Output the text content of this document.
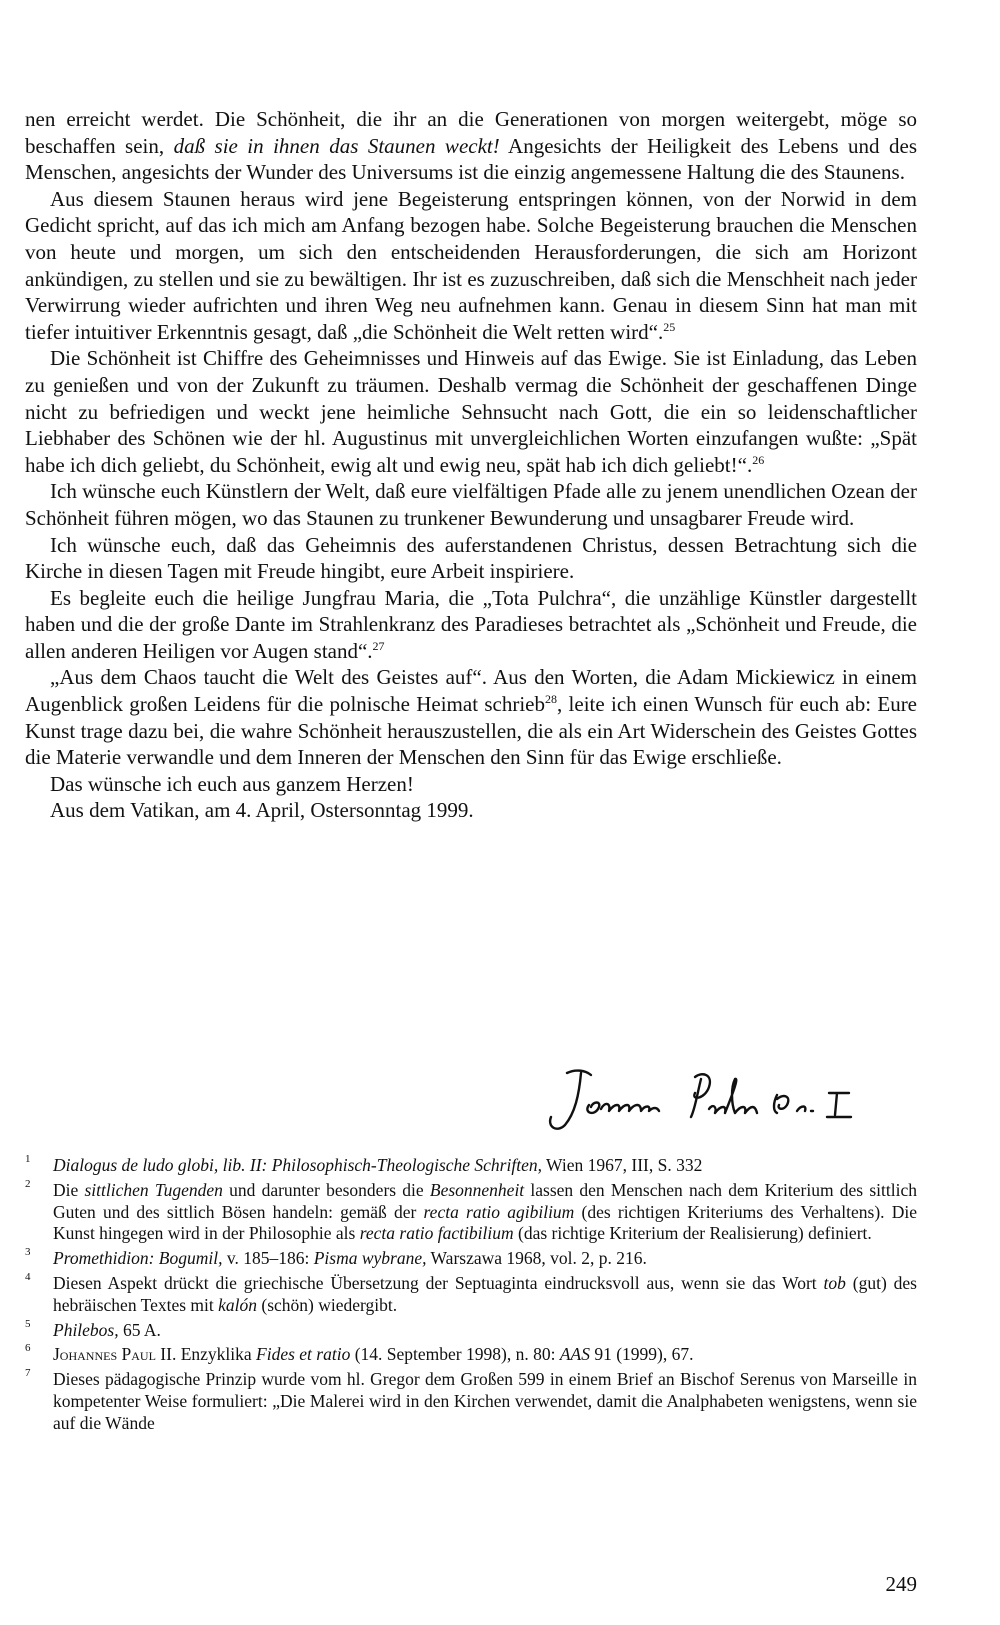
nen erreicht werdet. Die Schönheit, die ihr an die Generationen von morgen weitergebt, möge so beschaffen sein, daß sie in ihnen das Staunen weckt! Angesichts der Heiligkeit des Lebens und des Menschen, angesichts der Wunder des Universums ist die einzig angemessene Haltung die des Staunens.

Aus diesem Staunen heraus wird jene Begeisterung entspringen können, von der Norwid in dem Gedicht spricht, auf das ich mich am Anfang bezogen habe. Solche Begeisterung brauchen die Menschen von heute und morgen, um sich den entscheidenden Herausforderungen, die sich am Horizont ankündigen, zu stellen und sie zu bewältigen. Ihr ist es zuzuschreiben, daß sich die Menschheit nach jeder Verwirrung wieder aufrichten und ihren Weg neu aufnehmen kann. Genau in diesem Sinn hat man mit tiefer intuitiver Erkenntnis gesagt, daß „die Schönheit die Welt retten wird“.$^{25}$

Die Schönheit ist Chiffre des Geheimnisses und Hinweis auf das Ewige. Sie ist Einladung, das Leben zu genießen und von der Zukunft zu träumen. Deshalb vermag die Schönheit der geschaffenen Dinge nicht zu befriedigen und weckt jene heimliche Sehnsucht nach Gott, die ein so leidenschaftlicher Liebhaber des Schönen wie der hl. Augustinus mit unvergleichlichen Worten einzufangen wußte: „Spät habe ich dich geliebt, du Schönheit, ewig alt und ewig neu, spät hab ich dich geliebt!“.$^{26}$

Ich wünsche euch Künstlern der Welt, daß eure vielfältigen Pfade alle zu jenem unendlichen Ozean der Schönheit führen mögen, wo das Staunen zu trunkener Bewunderung und unsagbarer Freude wird.

Ich wünsche euch, daß das Geheimnis des auferstandenen Christus, dessen Betrachtung sich die Kirche in diesen Tagen mit Freude hingibt, eure Arbeit inspiriere.

Es begleite euch die heilige Jungfrau Maria, die „Tota Pulchra“, die unzählige Künstler dargestellt haben und die der große Dante im Strahlenkranz des Paradieses betrachtet als „Schönheit und Freude, die allen anderen Heiligen vor Augen stand“.$^{27}$

„Aus dem Chaos taucht die Welt des Geistes auf“. Aus den Worten, die Adam Mickiewicz in einem Augenblick großen Leidens für die polnische Heimat schrieb$^{28}$, leite ich einen Wunsch für euch ab: Eure Kunst trage dazu bei, die wahre Schönheit herauszustellen, die als ein Art Widerschein des Geistes Gottes die Materie verwandle und dem Inneren der Menschen den Sinn für das Ewige erschließe.

Das wünsche ich euch aus ganzem Herzen!

Aus dem Vatikan, am 4. April, Ostersonntag 1999.

1 Dialogus de ludo globi, lib. II: Philosophisch-Theologische Schriften, Wien 1967, III, S. 332

2 Die sittlichen Tugenden und darunter besonders die Besonnenheit lassen den Menschen nach dem Kriterium des sittlich Guten und des sittlich Bösen handeln: gemäß der recta ratio agibilium (des richtigen Kriteriums des Verhaltens). Die Kunst hingegen wird in der Philosophie als recta ratio factibilium (das richtige Kriterium der Realisierung) definiert.

3 Promethidion: Bogumil, v. 185–186: Pisma wybrane, Warszawa 1968, vol. 2, p. 216.

4 Diesen Aspekt drückt die griechische Übersetzung der Septuaginta eindrucksvoll aus, wenn sie das Wort tob (gut) des hebräischen Textes mit kalón (schön) wiedergibt.

5 Philebos, 65 A.

6 Johannes Paul II. Enzyklika Fides et ratio (14. September 1998), n. 80: AAS 91 (1999), 67.

7 Dieses pädagogische Prinzip wurde vom hl. Gregor dem Großen 599 in einem Brief an Bischof Serenus von Marseille in kompetenter Weise formuliert: „Die Malerei wird in den Kirchen verwendet, damit die Analphabeten wenigstens, wenn sie auf die Wände

249
